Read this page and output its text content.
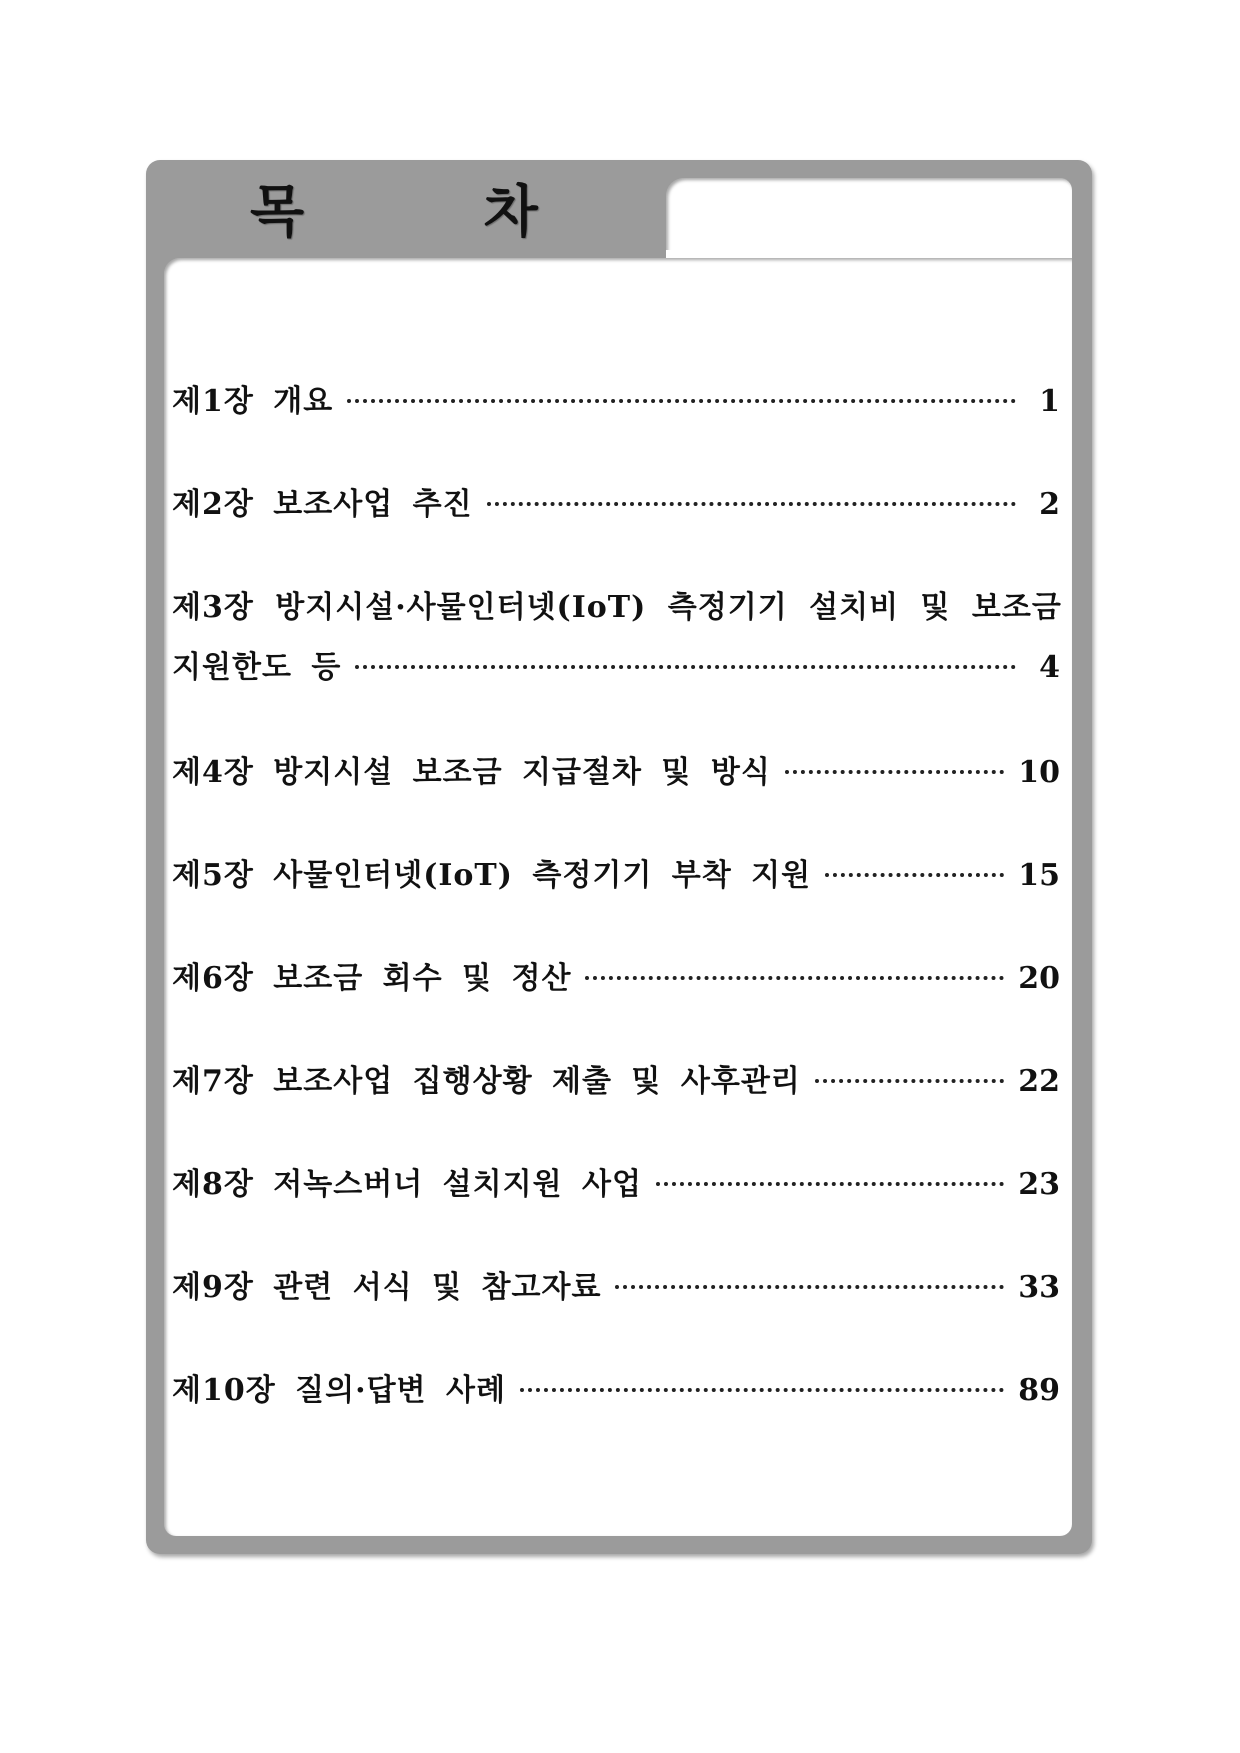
목 차
제1장 개요	1
제2장 보조사업 추진	2
제3장 방지시설·사물인터넷(IoT) 측정기기 설치비 및 보조금
지원한도 등	4
제4장 방지시설 보조금 지급절차 및 방식	10
제5장 사물인터넷(IoT) 측정기기 부착 지원	15
제6장 보조금 회수 및 정산	20
제7장 보조사업 집행상황 제출 및 사후관리	22
제8장 저녹스버너 설치지원 사업	23
제9장 관련 서식 및 참고자료	33
제10장 질의·답변 사례	89
